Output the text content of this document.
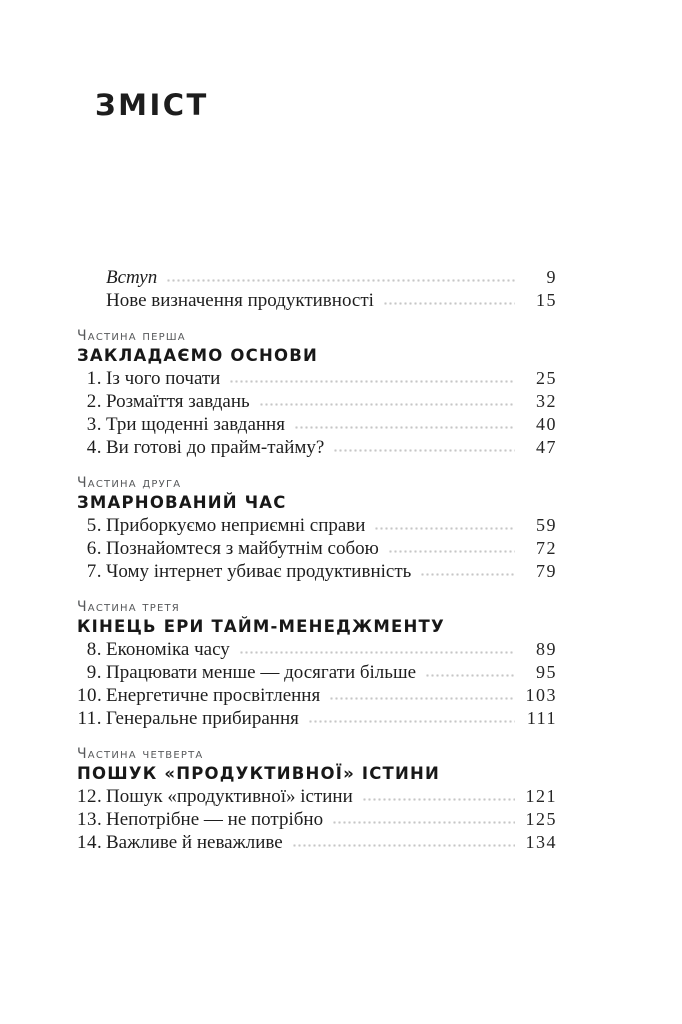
ЗМІСТ
Вступ	9
Нове визначення продуктивності	15
Частина перша
ЗАКЛАДАЄМО ОСНОВИ
1. Із чого почати	25
2. Розмаїття завдань	32
3. Три щоденні завдання	40
4. Ви готові до прайм-тайму?	47
Частина друга
ЗМАРНОВАНИЙ ЧАС
5. Приборкуємо неприємні справи	59
6. Познайомтеся з майбутнім собою	72
7. Чому інтернет убиває продуктивність	79
Частина третя
КІНЕЦЬ ЕРИ ТАЙМ-МЕНЕДЖМЕНТУ
8. Економіка часу	89
9. Працювати менше — досягати більше	95
10. Енергетичне просвітлення	103
11. Генеральне прибирання	111
Частина четверта
ПОШУК «ПРОДУКТИВНОЇ» ІСТИНИ
12. Пошук «продуктивної» істини	121
13. Непотрібне — не потрібно	125
14. Важливе й неважливе	134
